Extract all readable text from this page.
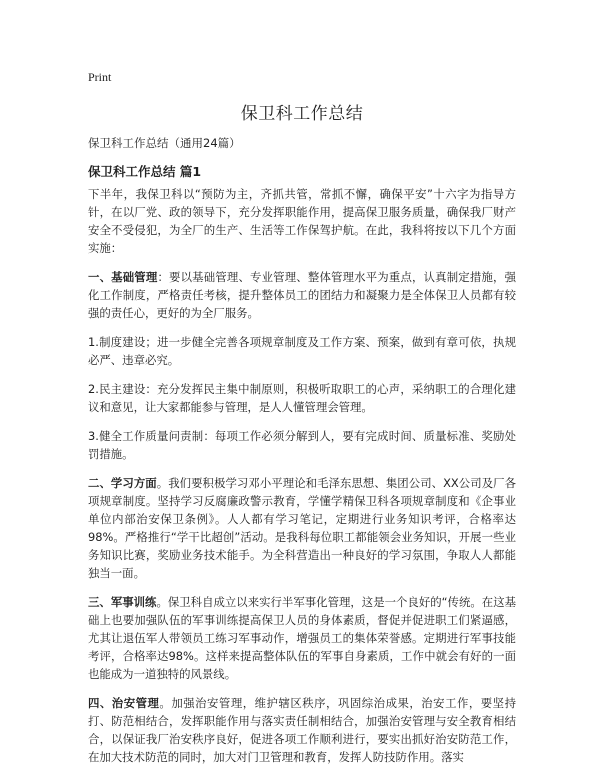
Print
保卫科工作总结

保卫科工作总结（通用24篇）

保卫科工作总结 篇1

下半年，我保卫科以“预防为主，齐抓共管，常抓不懈，确保平安”十六字为指导方针，在以厂党、政的领导下，充分发挥职能作用，提高保卫服务质量，确保我厂财产安全不受侵犯，为全厂的生产、生活等工作保驾护航。在此，我科将按以下几个方面实施：

一、基础管理：要以基础管理、专业管理、整体管理水平为重点，认真制定措施，强化工作制度，严格责任考核，提升整体员工的团结力和凝聚力是全体保卫人员都有较强的责任心，更好的为全厂服务。

1.制度建设；进一步健全完善各项规章制度及工作方案、预案，做到有章可依，执规必严、违章必究。

2.民主建设：充分发挥民主集中制原则，积极听取职工的心声，采纳职工的合理化建议和意见，让大家都能参与管理，是人人懂管理会管理。

3.健全工作质量问责制：每项工作必须分解到人，要有完成时间、质量标准、奖励处罚措施。

二、学习方面。我们要积极学习邓小平理论和毛泽东思想、集团公司、XX公司及厂各项规章制度。坚持学习反腐廉政警示教育，学懂学精保卫科各项规章制度和《企事业单位内部治安保卫条例》。人人都有学习笔记，定期进行业务知识考评，合格率达98%。严格推行“学干比超创”活动。是我科每位职工都能领会业务知识，开展一些业务知识比赛，奖励业务技术能手。为全科营造出一种良好的学习氛围，争取人人都能独当一面。

三、军事训练。保卫科自成立以来实行半军事化管理，这是一个良好的“传统。在这基础上也要加强队伍的军事训练提高保卫人员的身体素质，督促并促进职工们紧逼感，尤其让退伍军人带领员工练习军事动作，增强员工的集体荣誉感。定期进行军事技能考评，合格率达98%。这样来提高整体队伍的军事自身素质，工作中就会有好的一面也能成为一道独特的风景线。

四、治安管理。加强治安管理，维护辖区秩序，巩固综治成果，治安工作，要坚持打、防范相结合，发挥职能作用与落实责任制相结合，加强治安管理与安全教育相结合，以保证我厂治安秩序良好，促进各项工作顺利进行，要实出抓好治安防范工作，在加大技术防范的同时，加大对门卫管理和教育，发挥人防技防作用。落实
